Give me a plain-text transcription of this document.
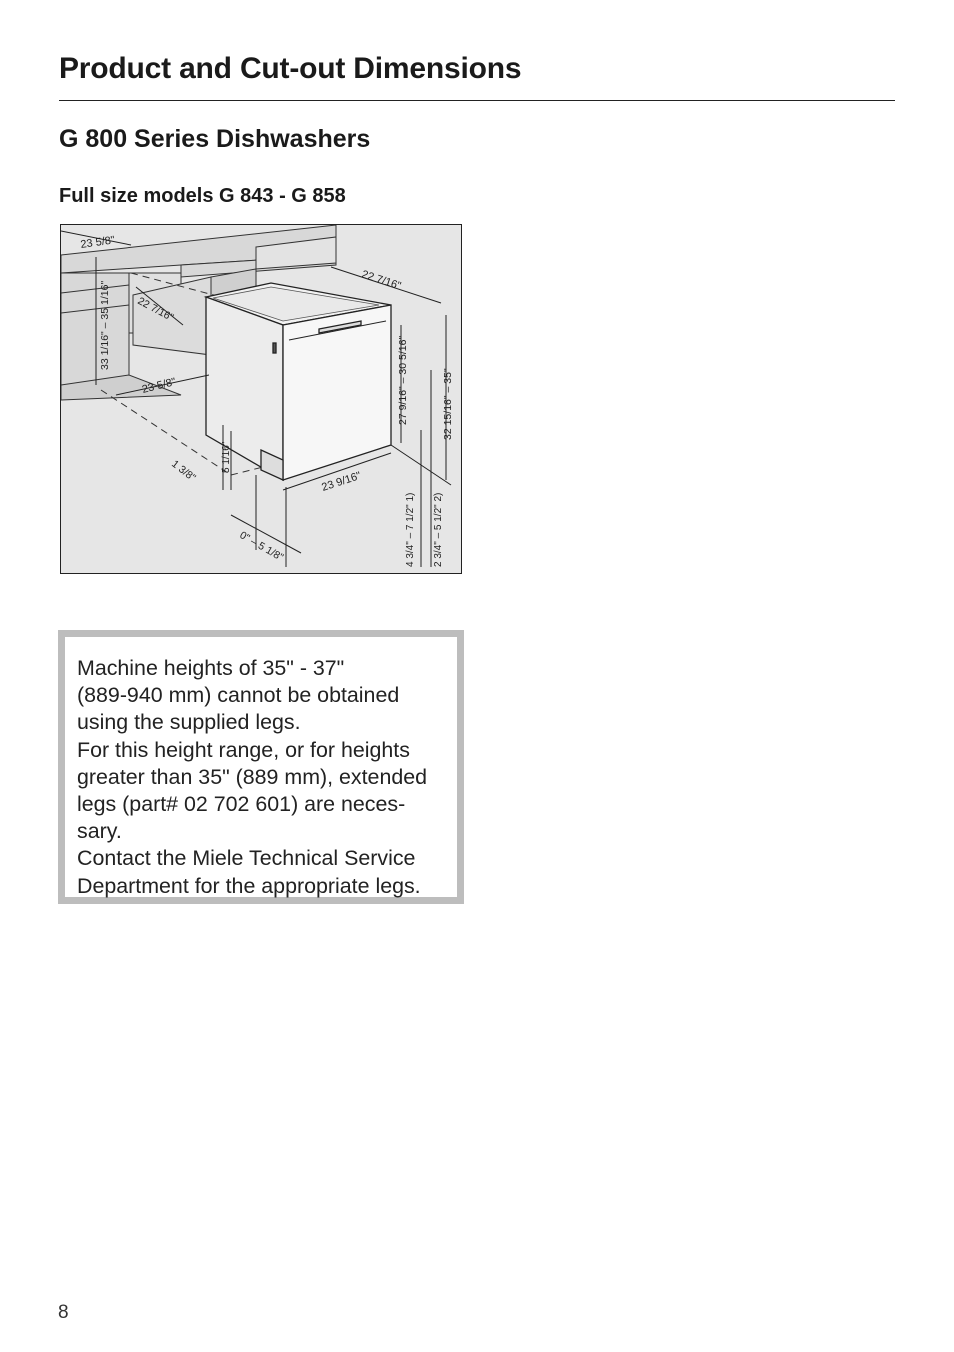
Product and Cut-out Dimensions
G 800 Series Dishwashers
Full size models G 843 - G 858
23 5/8"
33 1/16" – 35 1/16" 22 7/16"
23 5/8"
22 7/16"
27 9/16" – 30 5/16"	32 15/16" – 35"
5 1/16"
1 3/8"	23 9/16"
0" – 5 1/8"	4 3/4" – 7 1/2" 1) 2 3/4" – 5 1/2" 2)
Machine heights of 35" - 37"
(889-940 mm) cannot be obtained
using the supplied legs.
For this height range, or for heights
greater than 35" (889 mm), extended
legs (part# 02 702 601) are neces-
sary.
Contact the Miele Technical Service
Department for the appropriate legs.
8
